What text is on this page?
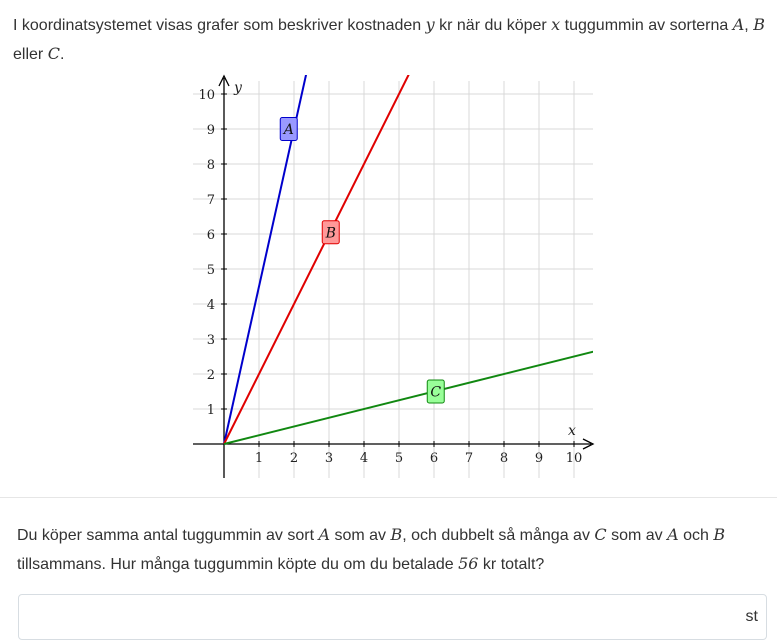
I koordinatsystemet visas grafer som beskriver kostnaden y kr när du köper x tuggummin av sorterna A, B eller C.
1 2 3 4 5 6 7 8 9 10
1
2
3
4
5
6
7
8
9
10
x
y
A
B
C
Du köper samma antal tuggummin av sort A som av B, och dubbelt så många av C som av A och B tillsammans. Hur många tuggummin köpte du om du betalade 56 kr totalt?
st
